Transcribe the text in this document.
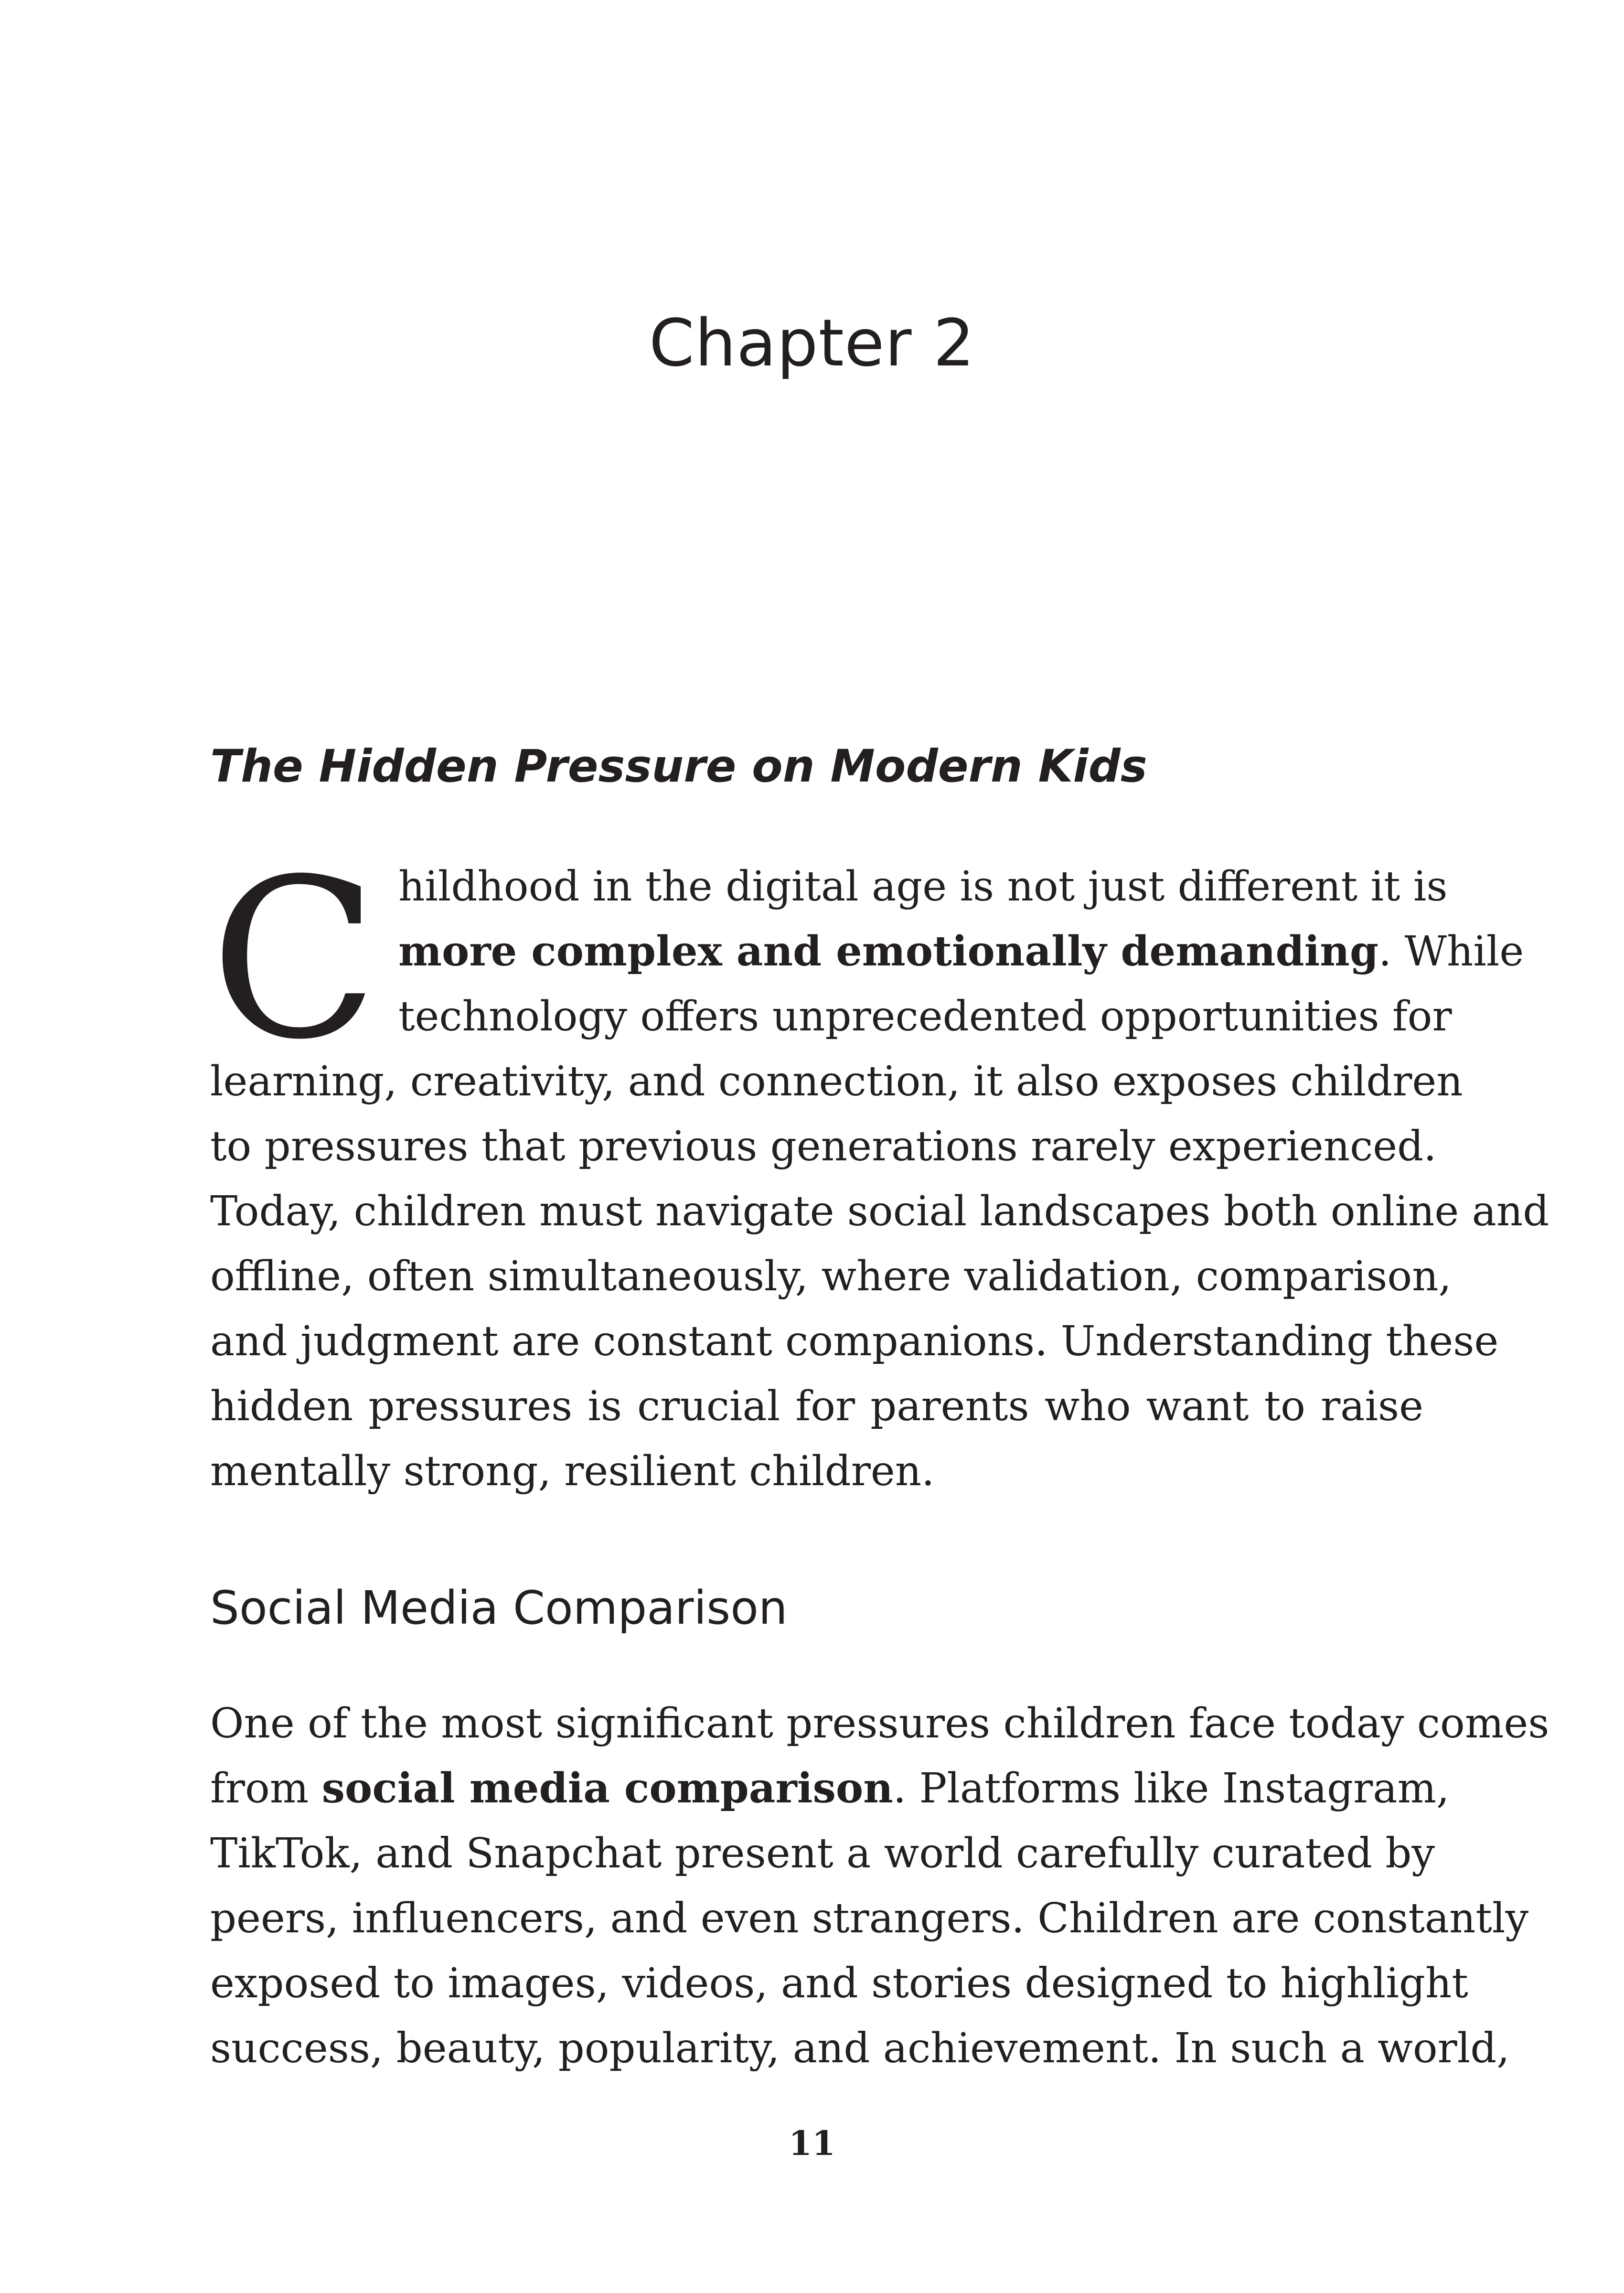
Chapter 2
The Hidden Pressure on Modern Kids
C hildhood in the digital age is not just different it is
more complex and emotionally demanding. While
technology offers unprecedented opportunities for
learning, creativity, and connection, it also exposes children
to pressures that previous generations rarely experienced.
Today, children must navigate social landscapes both online and
offline, often simultaneously, where validation, comparison,
and judgment are constant companions. Understanding these
hidden pressures is crucial for parents who want to raise
mentally strong, resilient children.
Social Media Comparison
One of the most significant pressures children face today comes
from social media comparison. Platforms like Instagram,
TikTok, and Snapchat present a world carefully curated by
peers, influencers, and even strangers. Children are constantly
exposed to images, videos, and stories designed to highlight
success, beauty, popularity, and achievement. In such a world,
11
